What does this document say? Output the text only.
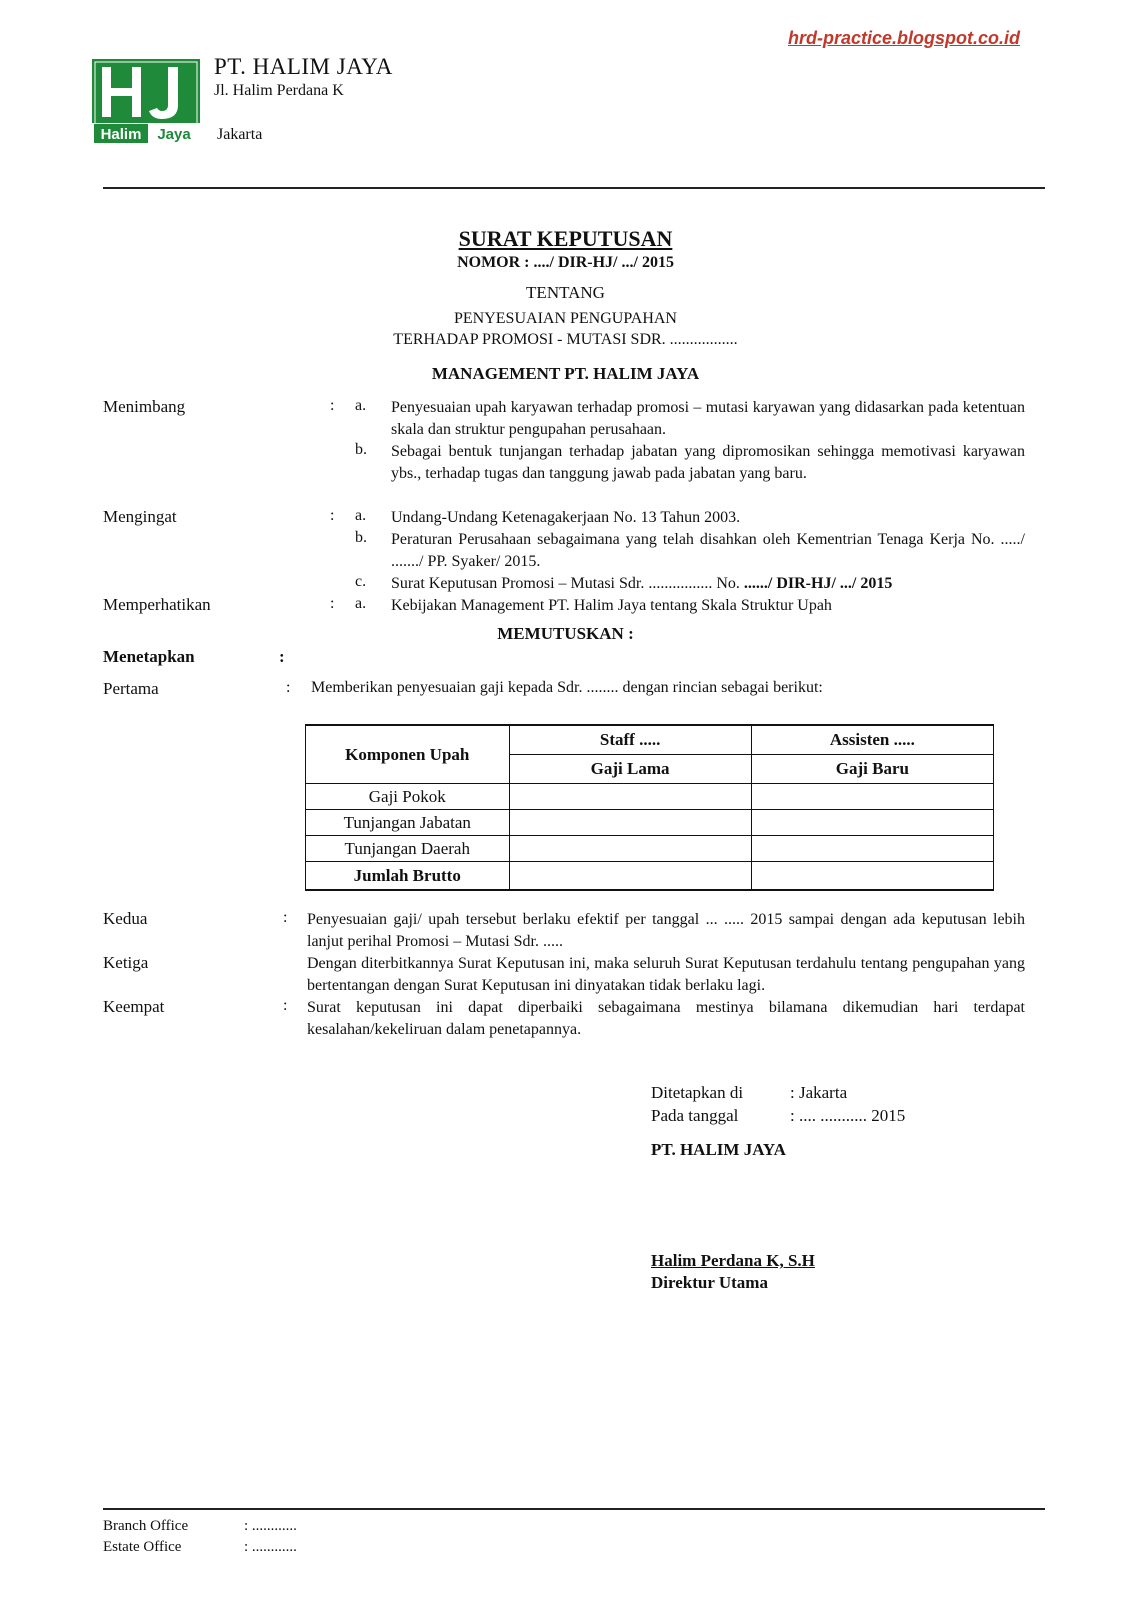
hrd-practice.blogspot.co.id
Halim Jaya
PT. HALIM JAYA
Jl. Halim Perdana K
Jakarta
SURAT KEPUTUSAN
NOMOR : ..../ DIR-HJ/ .../ 2015
TENTANG
PENYESUAIAN PENGUPAHAN
TERHADAP PROMOSI - MUTASI SDR. .................
MANAGEMENT PT. HALIM JAYA
Menimbang	: a. Penyesuaian upah karyawan terhadap promosi – mutasi karyawan yang didasarkan pada ketentuan skala dan struktur pengupahan perusahaan.
b. Sebagai bentuk tunjangan terhadap jabatan yang dipromosikan sehingga memotivasi karyawan ybs., terhadap tugas dan tanggung jawab pada jabatan yang baru.
Mengingat	: a. Undang-Undang Ketenagakerjaan No. 13 Tahun 2003.
b. Peraturan Perusahaan sebagaimana yang telah disahkan oleh Kementrian Tenaga Kerja No. ...../ ......./ PP. Syaker/ 2015.
c. Surat Keputusan Promosi – Mutasi Sdr. ................ No. ....../ DIR-HJ/ .../ 2015
Memperhatikan	: a. Kebijakan Management PT. Halim Jaya tentang Skala Struktur Upah
MEMUTUSKAN :
Menetapkan	:
Pertama	: Memberikan penyesuaian gaji kepada Sdr. ........ dengan rincian sebagai berikut:
Komponen Upah	Staff .....	Assisten .....
	Gaji Lama	Gaji Baru
Gaji Pokok		
Tunjangan Jabatan		
Tunjangan Daerah		
Jumlah Brutto		
Kedua	: Penyesuaian gaji/ upah tersebut berlaku efektif per tanggal ... ..... 2015 sampai dengan ada keputusan lebih lanjut perihal Promosi – Mutasi Sdr. .....
Ketiga	Dengan diterbitkannya Surat Keputusan ini, maka seluruh Surat Keputusan terdahulu tentang pengupahan yang bertentangan dengan Surat Keputusan ini dinyatakan tidak berlaku lagi.
Keempat	: Surat keputusan ini dapat diperbaiki sebagaimana mestinya bilamana dikemudian hari terdapat kesalahan/kekeliruan dalam penetapannya.
Ditetapkan di	: Jakarta
Pada tanggal	: .... ........... 2015
PT. HALIM JAYA
Halim Perdana K, S.H
Direktur Utama
Branch Office	: ............
Estate Office	: ............
